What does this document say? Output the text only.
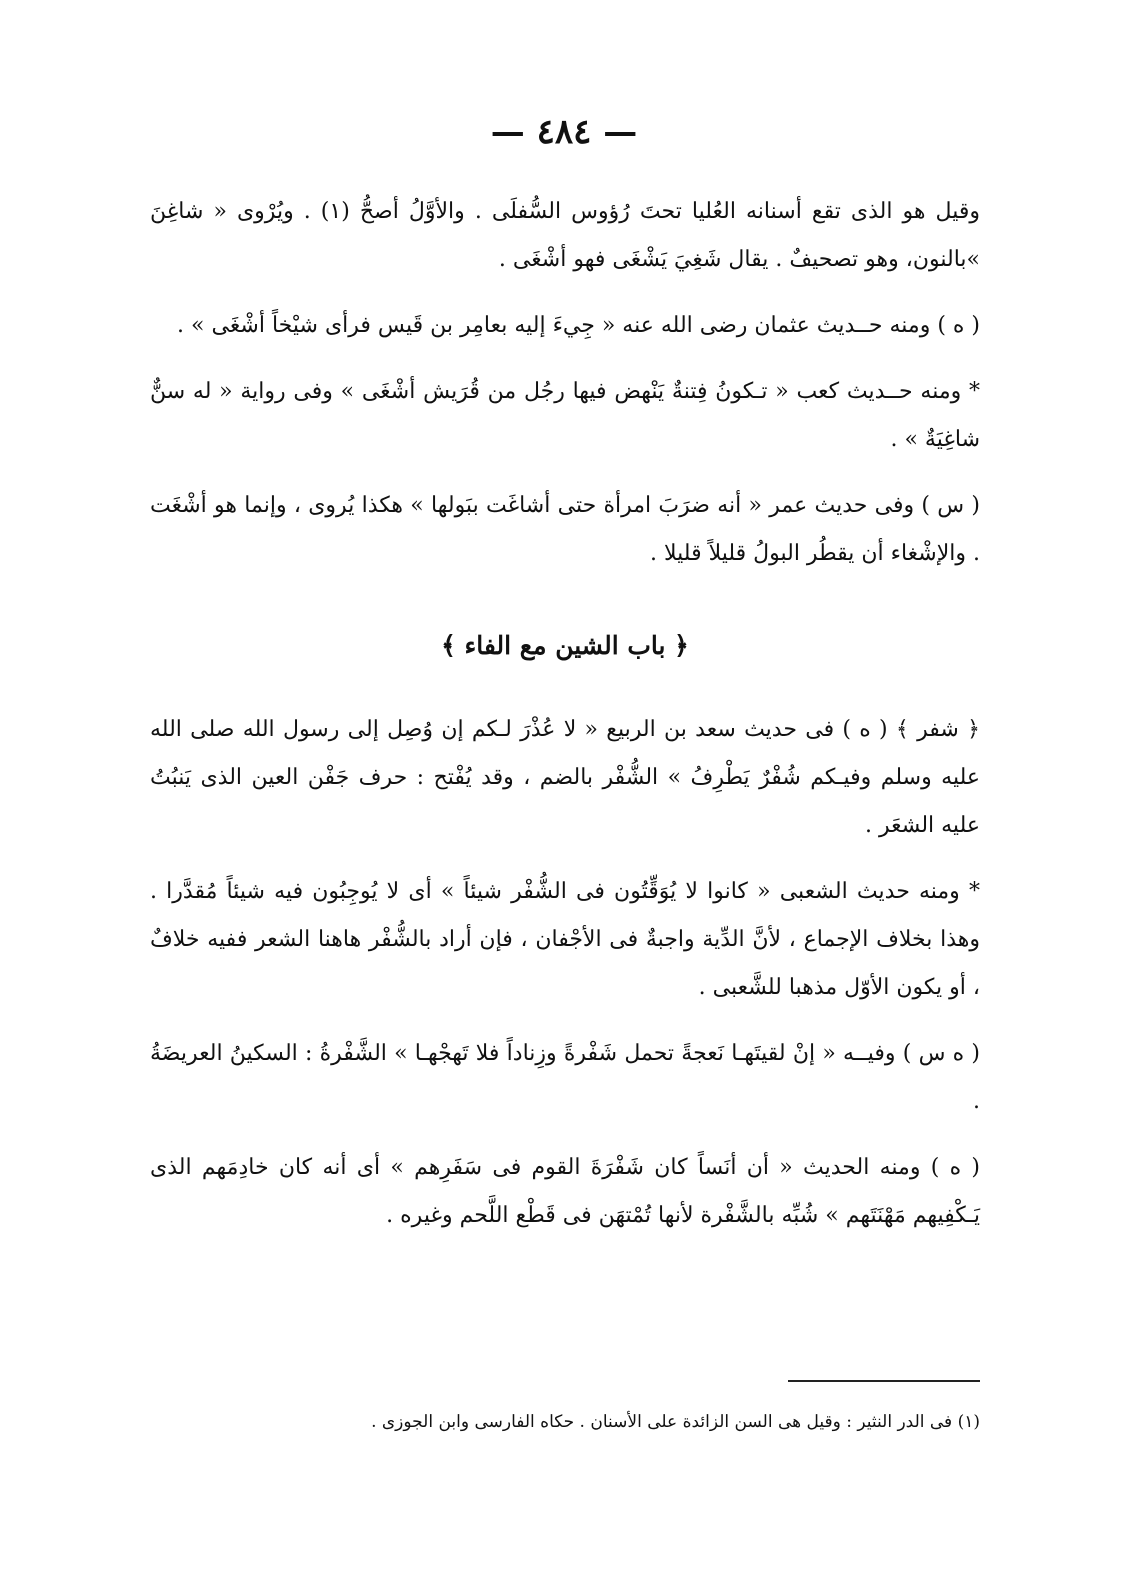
— ٤٨٤ —

وقيل هو الذى تقع أسنانه العُليا تحتَ رُؤوس السُّفلَى . والأوَّلُ أصحُّ (١) . ويُرْوى « شاغِنَ »بالنون، وهو تصحيفٌ . يقال شَغِيَ يَشْغَى فهو أشْغَى .

( ه ) ومنه حــديث عثمان رضى الله عنه « جِيءَ إليه بعامِر بن قَيس فرأى شيْخاً أشْغَى » .

* ومنه حــديث كعب « تـكونُ فِتنةٌ يَنْهض فيها رجُل من قُرَيش أشْغَى » وفى رواية « له سنٌّ شاغِيَةٌ » .

( س ) وفى حديث عمر « أنه ضرَبَ امرأة حتى أشاغَت ببَولها » هكذا يُروى ، وإنما هو أشْغَت . والإشْغاء أن يقطُر البولُ قليلاً قليلا .

﴿ باب الشين مع الفاء ﴾

﴿ شفر ﴾ ( ه ) فى حديث سعد بن الربيع « لا عُذْرَ لـكم إن وُصِل إلى رسول الله صلى الله عليه وسلم وفيـكم شُفْرٌ يَطْرِفُ » الشُّفْر بالضم ، وقد يُفْتح : حرف جَفْن العين الذى يَنبُتُ عليه الشعَر .

* ومنه حديث الشعبى « كانوا لا يُوَقِّتُون فى الشُّفْر شيئاً » أى لا يُوجِبُون فيه شيئاً مُقدَّرا . وهذا بخلاف الإجماع ، لأنَّ الدِّية واجبةٌ فى الأجْفان ، فإن أراد بالشُّفْر هاهنا الشعر ففيه خلافٌ ، أو يكون الأوّل مذهبا للشَّعبى .

( ه س ) وفيــه « إنْ لقيتَهـا نَعجةً تحمل شَفْرةً وزِناداً فلا تَهجْهـا » الشَّفْرةُ : السكينُ العريضَةُ .

( ه ) ومنه الحديث « أن أنَساً كان شَفْرَةَ القوم فى سَفَرِهم » أى أنه كان خادِمَهم الذى يَـكْفِيهم مَهْنَتَهم » شُبِّه بالشَّفْرة لأنها تُمْتهَن فى قَطْع اللَّحم وغيره .

(١) فى الدر النثير : وقيل هى السن الزائدة على الأسنان . حكاه الفارسى وابن الجوزى .
